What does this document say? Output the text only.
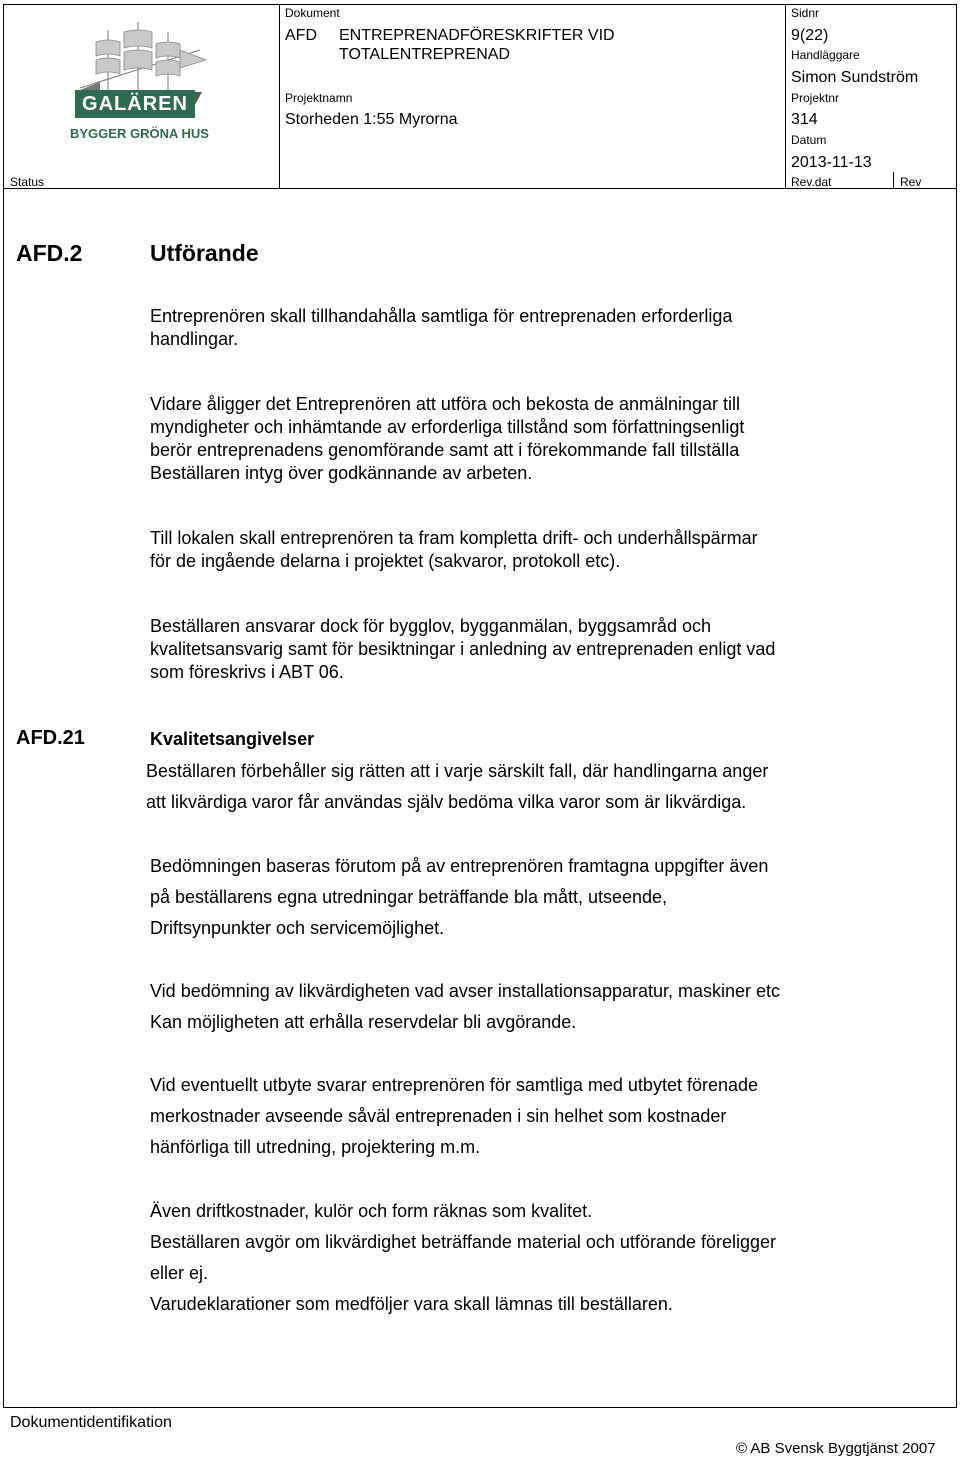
GALÄREN
BYGGER GRÖNA HUS
Dokument
AFD ENTREPRENADFÖRESKRIFTER VID
TOTALENTREPRENAD
Projektnamn
Storheden 1:55 Myrorna
Sidnr
9(22)
Handläggare
Simon Sundström
Projektnr
314
Datum
2013-11-13
Status	Rev.dat	Rev
AFD.2	Utförande
Entreprenören skall tillhandahålla samtliga för entreprenaden erforderliga
handlingar.
Vidare åligger det Entreprenören att utföra och bekosta de anmälningar till
myndigheter och inhämtande av erforderliga tillstånd som författningsenligt
berör entreprenadens genomförande samt att i förekommande fall tillställa
Beställaren intyg över godkännande av arbeten.
Till lokalen skall entreprenören ta fram kompletta drift- och underhållspärmar
för de ingående delarna i projektet (sakvaror, protokoll etc).
Beställaren ansvarar dock för bygglov, bygganmälan, byggsamråd och
kvalitetsansvarig samt för besiktningar i anledning av entreprenaden enligt vad
som föreskrivs i ABT 06.
AFD.21	Kvalitetsangivelser
Beställaren förbehåller sig rätten att i varje särskilt fall, där handlingarna anger
att likvärdiga varor får användas själv bedöma vilka varor som är likvärdiga.
Bedömningen baseras förutom på av entreprenören framtagna uppgifter även
på beställarens egna utredningar beträffande bla mått, utseende,
Driftsynpunkter och servicemöjlighet.
Vid bedömning av likvärdigheten vad avser installationsapparatur, maskiner etc
Kan möjligheten att erhålla reservdelar bli avgörande.
Vid eventuellt utbyte svarar entreprenören för samtliga med utbytet förenade
merkostnader avseende såväl entreprenaden i sin helhet som kostnader
hänförliga till utredning, projektering m.m.
Även driftkostnader, kulör och form räknas som kvalitet.
Beställaren avgör om likvärdighet beträffande material och utförande föreligger
eller ej.
Varudeklarationer som medföljer vara skall lämnas till beställaren.
Dokumentidentifikation
© AB Svensk Byggtjänst 2007
